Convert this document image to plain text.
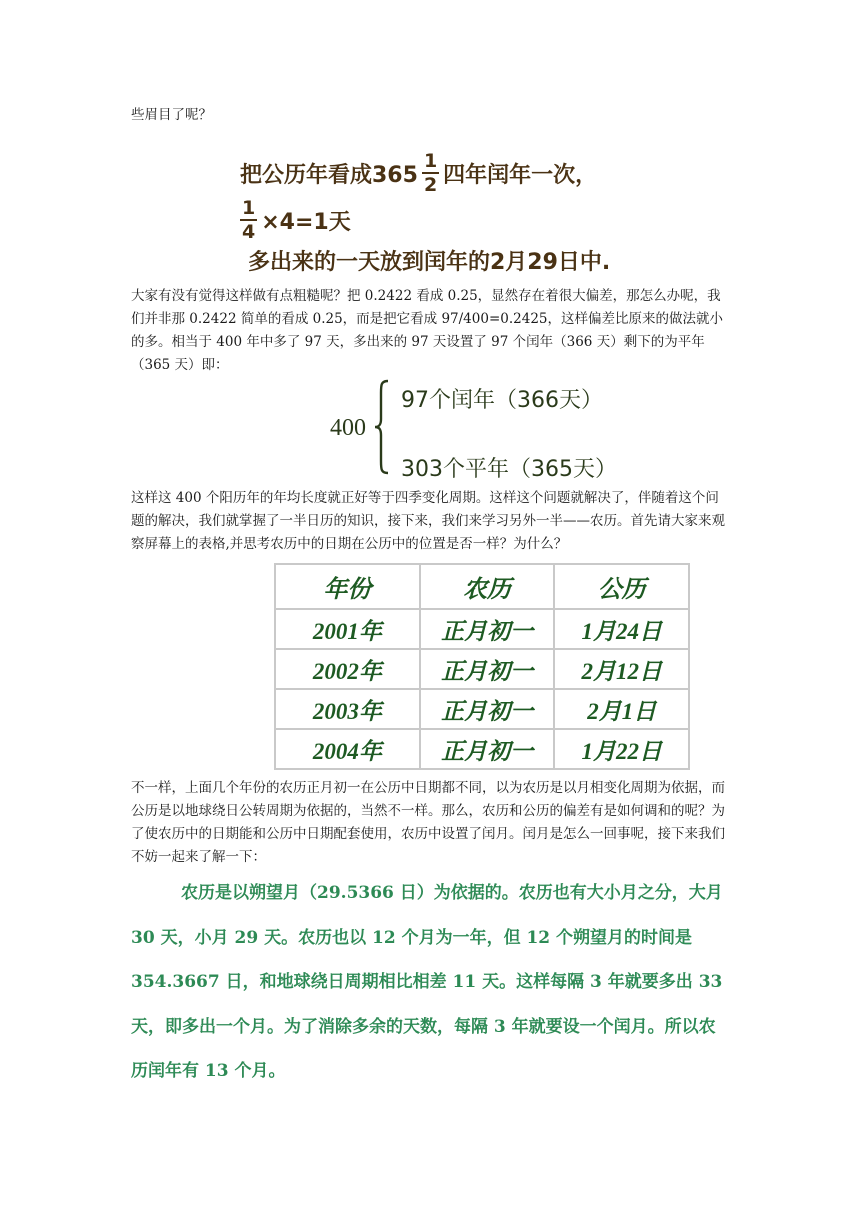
些眉目了呢？

把公历年看成$365 \frac{1}{2}$ 四年闰年一次，
$\frac{1}{4} \times 4=1$天
多出来的一天放到闰年的2月29日中.

大家有没有觉得这样做有点粗糙呢？把 0.2422 看成 0.25，显然存在着很大偏差，那怎么办呢，我们并非那 0.2422 简单的看成 0.25，而是把它看成 97/400=0.2425，这样偏差比原来的做法就小的多。相当于 400 年中多了 97 天，多出来的 97 天设置了 97 个闰年（366 天）剩下的为平年（365 天）即：

400
97个闰年（366天）
303个平年（365天）

这样这 400 个阳历年的年均长度就正好等于四季变化周期。这样这个问题就解决了，伴随着这个问题的解决，我们就掌握了一半日历的知识，接下来，我们来学习另外一半——农历。首先请大家来观察屏幕上的表格,并思考农历中的日期在公历中的位置是否一样？为什么？

年份	农历	公历
2001年	正月初一	1月24日
2002年	正月初一	2月12日
2003年	正月初一	2月1日
2004年	正月初一	1月22日

不一样，上面几个年份的农历正月初一在公历中日期都不同，以为农历是以月相变化周期为依据，而公历是以地球绕日公转周期为依据的，当然不一样。那么，农历和公历的偏差有是如何调和的呢？为了使农历中的日期能和公历中日期配套使用，农历中设置了闰月。闰月是怎么一回事呢，接下来我们不妨一起来了解一下：

农历是以朔望月（29.5366 日）为依据的。农历也有大小月之分，大月 30 天，小月 29 天。农历也以 12 个月为一年，但 12 个朔望月的时间是 354.3667 日，和地球绕日周期相比相差 11 天。这样每隔 3 年就要多出 33 天，即多出一个月。为了消除多余的天数，每隔 3 年就要设一个闰月。所以农历闰年有 13 个月。
